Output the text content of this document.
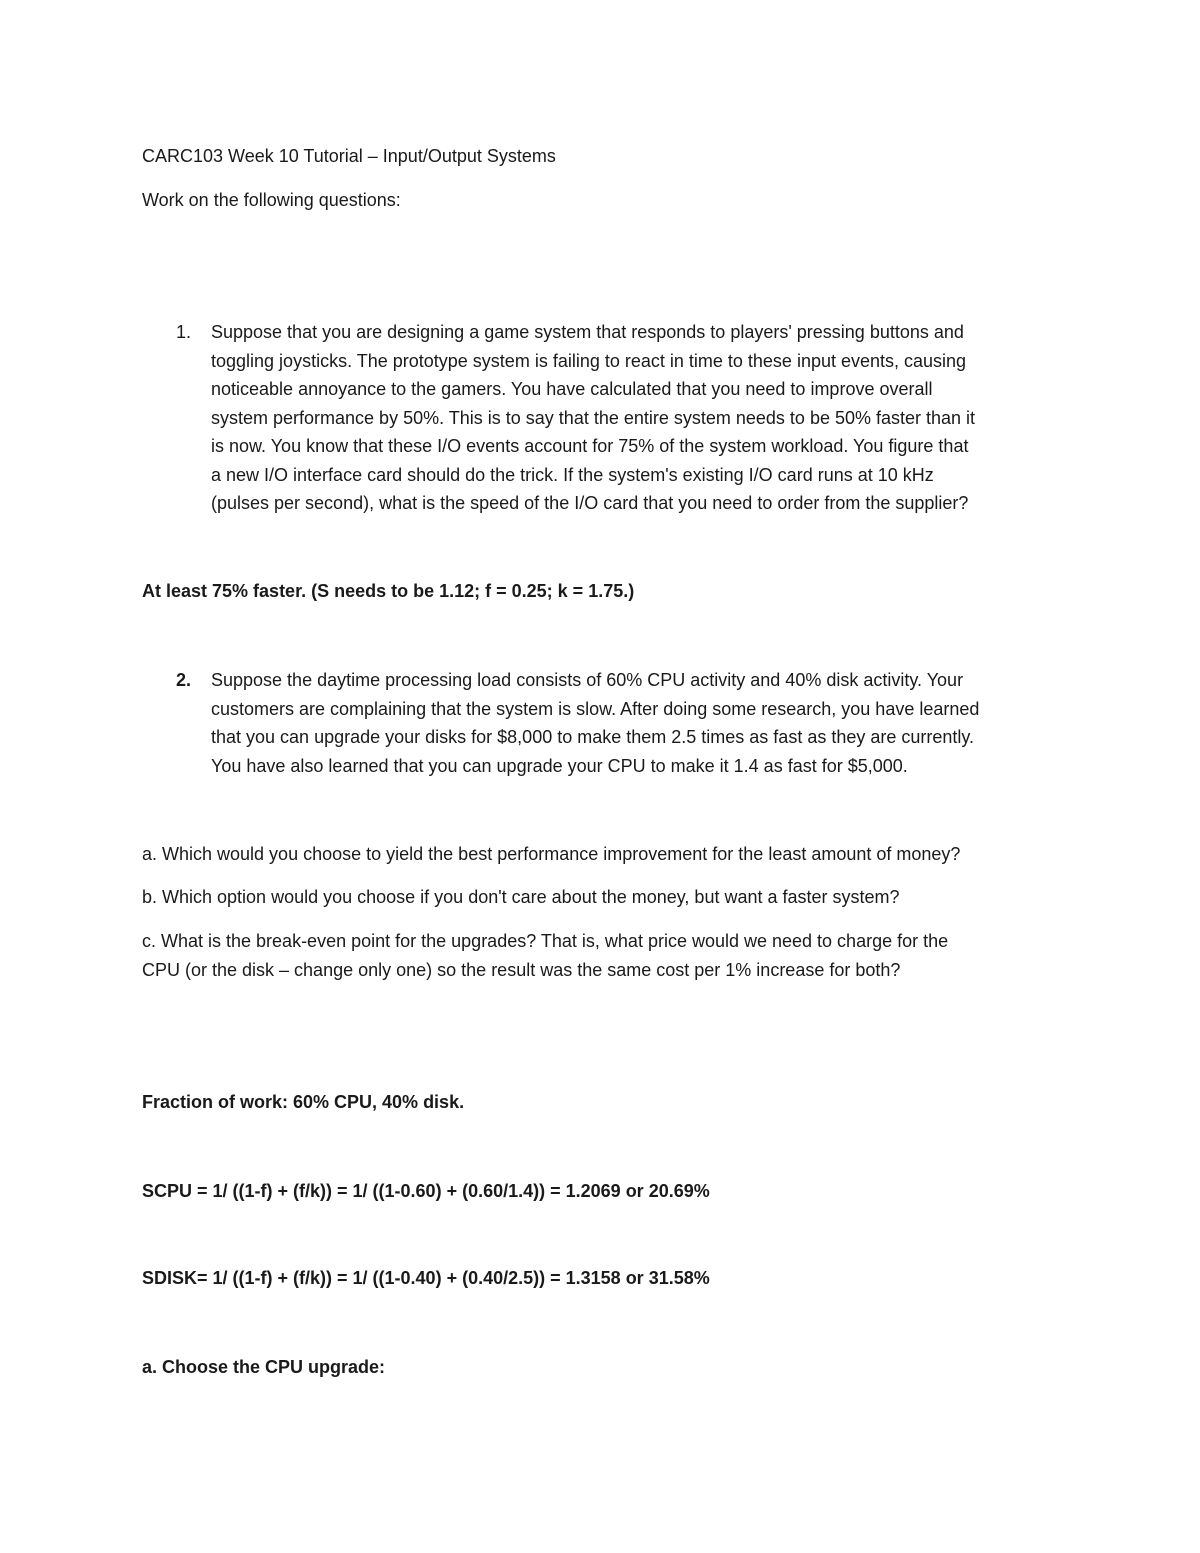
CARC103 Week 10 Tutorial – Input/Output Systems
Work on the following questions:
1. Suppose that you are designing a game system that responds to players' pressing buttons and
toggling joysticks. The prototype system is failing to react in time to these input events, causing
noticeable annoyance to the gamers. You have calculated that you need to improve overall
system performance by 50%. This is to say that the entire system needs to be 50% faster than it
is now. You know that these I/O events account for 75% of the system workload. You figure that
a new I/O interface card should do the trick. If the system's existing I/O card runs at 10 kHz
(pulses per second), what is the speed of the I/O card that you need to order from the supplier?
At least 75% faster. (S needs to be 1.12; f = 0.25; k = 1.75.)
2. Suppose the daytime processing load consists of 60% CPU activity and 40% disk activity. Your
customers are complaining that the system is slow. After doing some research, you have learned
that you can upgrade your disks for $8,000 to make them 2.5 times as fast as they are currently.
You have also learned that you can upgrade your CPU to make it 1.4 as fast for $5,000.
a. Which would you choose to yield the best performance improvement for the least amount of money?
b. Which option would you choose if you don't care about the money, but want a faster system?
c. What is the break-even point for the upgrades? That is, what price would we need to charge for the
CPU (or the disk – change only one) so the result was the same cost per 1% increase for both?
Fraction of work: 60% CPU, 40% disk.
SCPU = 1/ ((1-f) + (f/k)) = 1/ ((1-0.60) + (0.60/1.4)) = 1.2069 or 20.69%
SDISK= 1/ ((1-f) + (f/k)) = 1/ ((1-0.40) + (0.40/2.5)) = 1.3158 or 31.58%
a. Choose the CPU upgrade:
